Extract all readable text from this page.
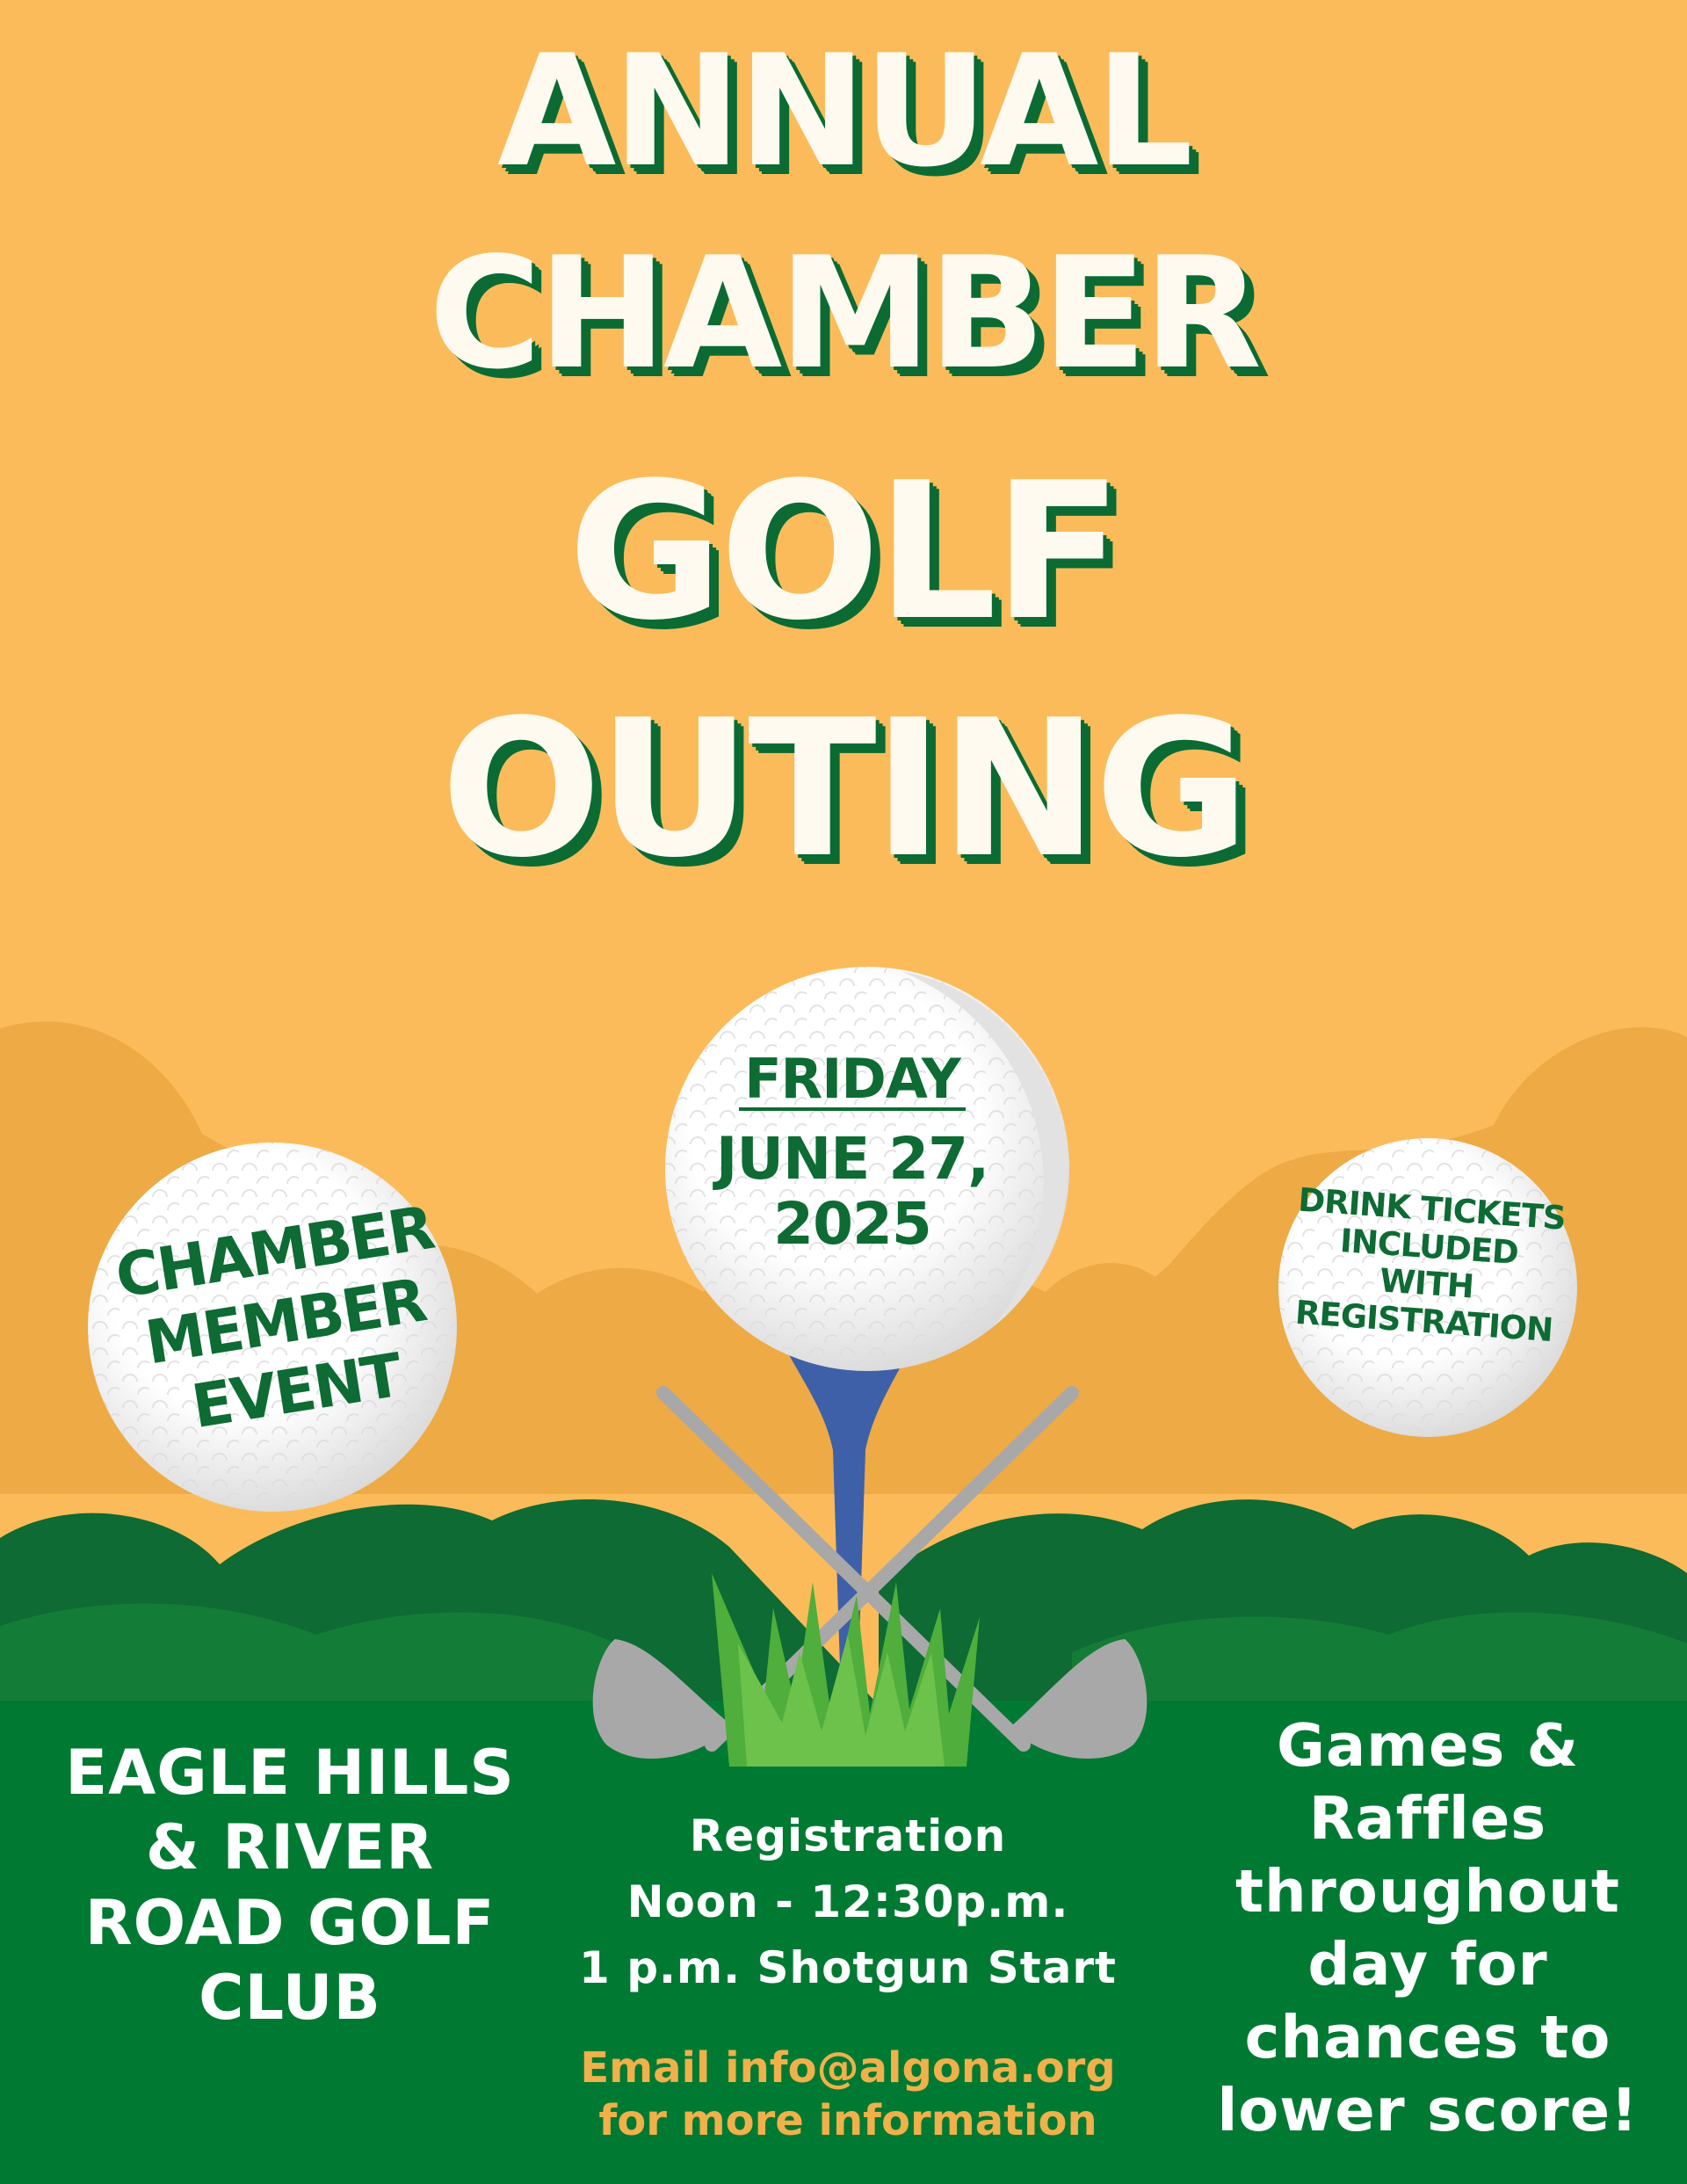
ANNUAL
CHAMBER
GOLF
OUTING
FRIDAY
JUNE 27, 2025
CHAMBER MEMBER EVENT
DRINK TICKETS INCLUDED WITH REGISTRATION
EAGLE HILLS & RIVER ROAD GOLF CLUB
Registration
Noon - 12:30p.m.
1 p.m. Shotgun Start
Email info@algona.org
for more information
Games & Raffles throughout day for chances to lower score!
